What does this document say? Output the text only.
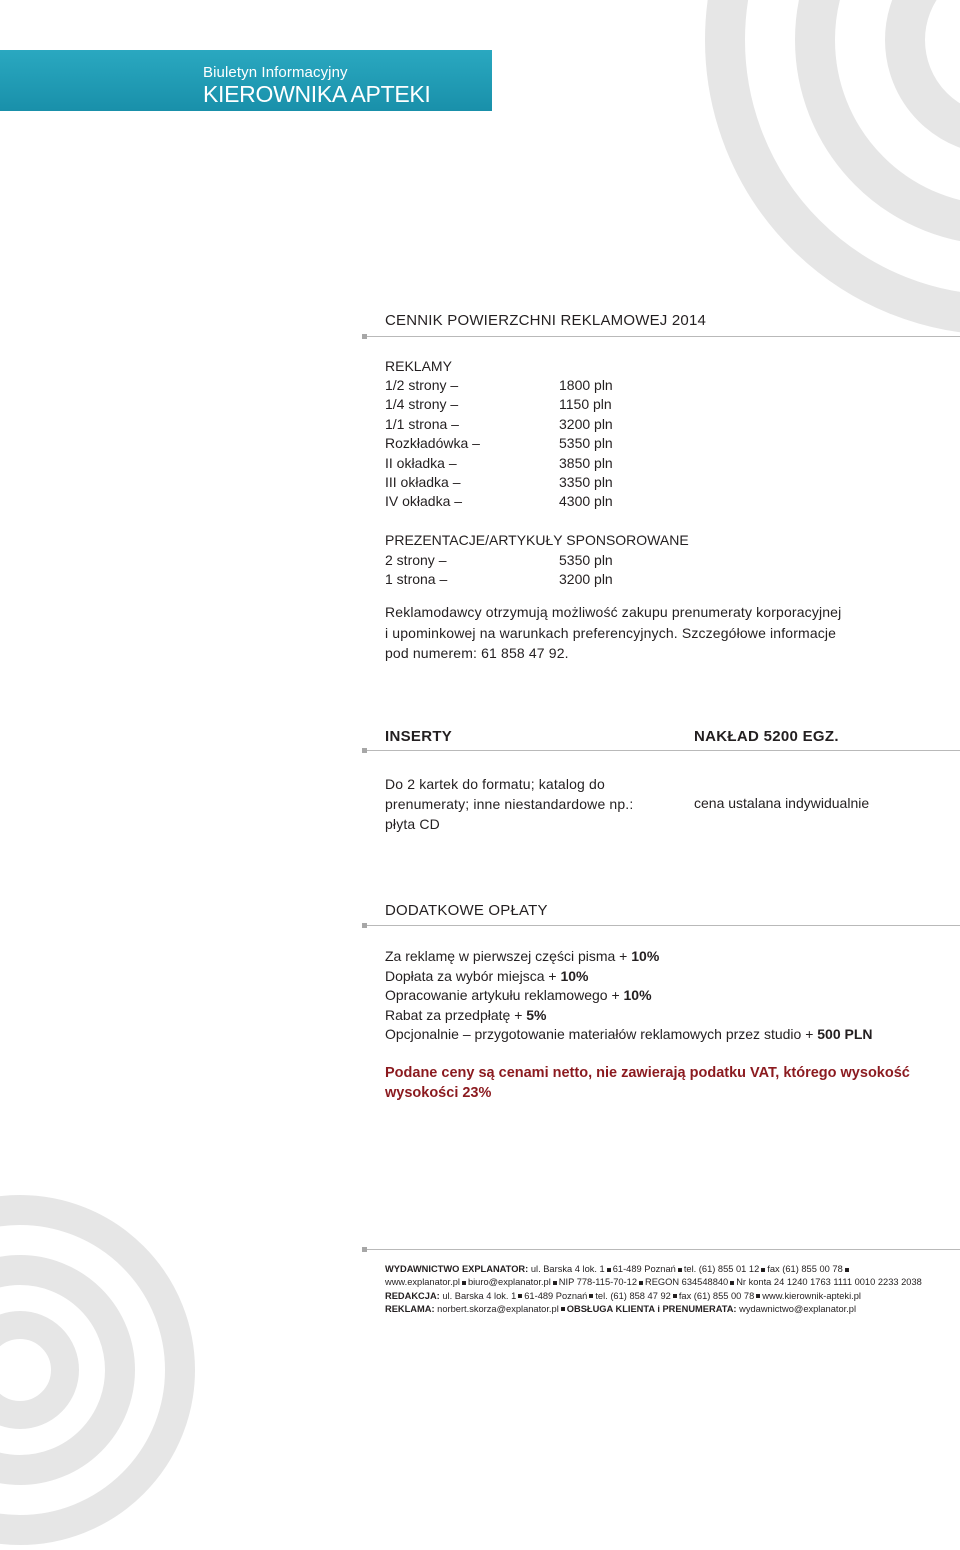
Biuletyn Informacyjny
KIEROWNIKA APTEKI
CENNIK POWIERZCHNI REKLAMOWEJ 2014
REKLAMY
1/2 strony –	1800 pln
1/4 strony –	1150 pln
1/1 strona –	3200 pln
Rozkładówka –	5350 pln
II okładka –	3850 pln
III okładka –	3350 pln
IV okładka –	4300 pln
PREZENTACJE/ARTYKUŁY SPONSOROWANE
2 strony –	5350 pln
1 strona –	3200 pln
Reklamodawcy otrzymują możliwość zakupu prenumeraty korporacyjnej
i upominkowej na warunkach preferencyjnych. Szczegółowe informacje
pod numerem: 61 858 47 92.
INSERTY	NAKŁAD 5200 EGZ.
Do 2 kartek do formatu; katalog do
prenumeraty; inne niestandardowe np.:
płyta CD
cena ustalana indywidualnie
DODATKOWE OPŁATY
Za reklamę w pierwszej części pisma + 10%
Dopłata za wybór miejsca + 10%
Opracowanie artykułu reklamowego + 10%
Rabat za przedpłatę + 5%
Opcjonalnie – przygotowanie materiałów reklamowych przez studio + 500 PLN
Podane ceny są cenami netto, nie zawierają podatku VAT, którego wysokość
wysokości 23%
WYDAWNICTWO EXPLANATOR: ul. Barska 4 lok. 1 61-489 Poznań tel. (61) 855 01 12 fax (61) 855 00 78
www.explanator.pl biuro@explanator.pl NIP 778-115-70-12 REGON 634548840 Nr konta 24 1240 1763 1111 0010 2233 2038
REDAKCJA: ul. Barska 4 lok. 1 61-489 Poznań tel. (61) 858 47 92 fax (61) 855 00 78 www.kierownik-apteki.pl
REKLAMA: norbert.skorza@explanator.pl OBSŁUGA KLIENTA i PRENUMERATA: wydawnictwo@explanator.pl
